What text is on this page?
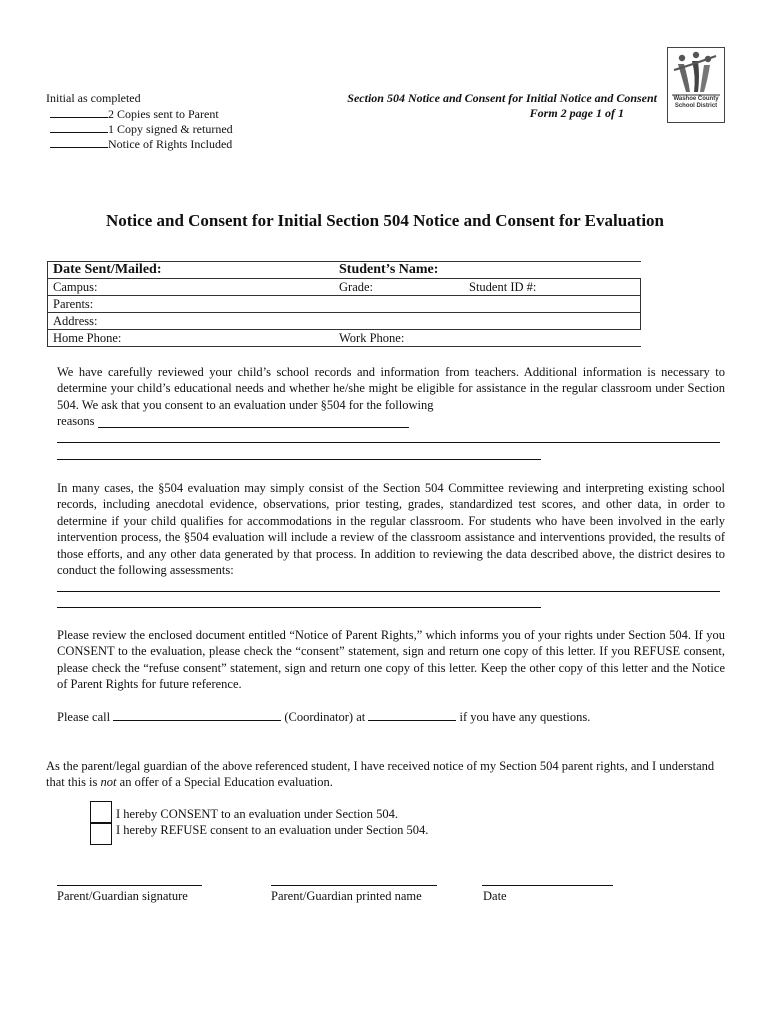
Initial as completed
2 Copies sent to Parent
1 Copy signed & returned
Notice of Rights Included
Section 504 Notice and Consent for Initial Notice and Consent
Form 2 page 1 of 1
Washoe County
School District
Notice and Consent for Initial Section 504 Notice and Consent for Evaluation
Date Sent/Mailed:	Student’s Name:	
Campus:	Grade:	Student ID #:
Parents:		
Address:		
Home Phone:	Work Phone:	
We have carefully reviewed your child’s school records and information from teachers. Additional information is necessary to determine your child’s educational needs and whether he/she might be eligible for assistance in the regular classroom under Section 504. We ask that you consent to an evaluation under §504 for the following
reasons
In many cases, the §504 evaluation may simply consist of the Section 504 Committee reviewing and interpreting existing school records, including anecdotal evidence, observations, prior testing, grades, standardized test scores, and other data, in order to determine if your child qualifies for accommodations in the regular classroom. For students who have been involved in the early intervention process, the §504 evaluation will include a review of the classroom assistance and interventions provided, the results of those efforts, and any other data generated by that process. In addition to reviewing the data described above, the district desires to conduct the following assessments:
Please review the enclosed document entitled “Notice of Parent Rights,” which informs you of your rights under Section 504. If you CONSENT to the evaluation, please check the “consent” statement, sign and return one copy of this letter. If you REFUSE consent, please check the “refuse consent” statement, sign and return one copy of this letter. Keep the other copy of this letter and the Notice of Parent Rights for future reference.
Please call	(Coordinator) at	if you have any questions.
As the parent/legal guardian of the above referenced student, I have received notice of my Section 504 parent rights, and I understand that this is not an offer of a Special Education evaluation.
I hereby CONSENT to an evaluation under Section 504.
I hereby REFUSE consent to an evaluation under Section 504.
Parent/Guardian signature	Parent/Guardian printed name	Date
